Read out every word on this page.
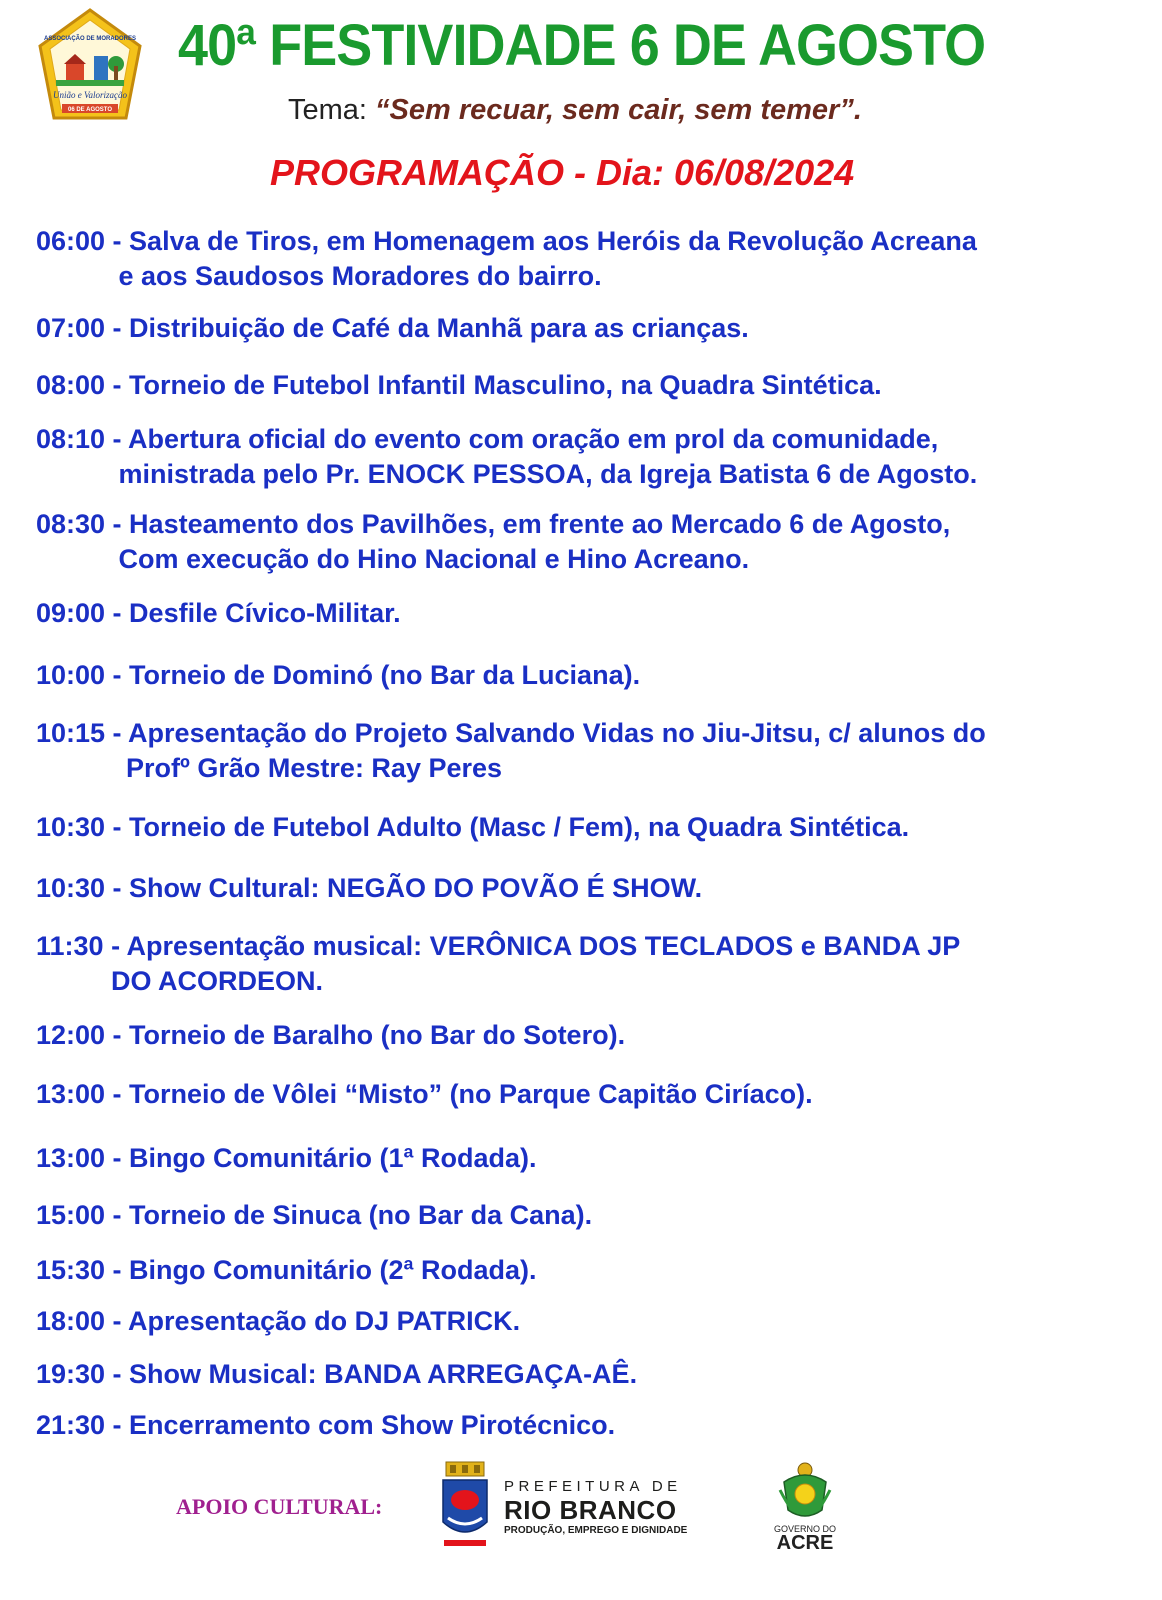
ASSOCIAÇÃO DE MORADORES
União e Valorização
06 DE AGOSTO
40ª FESTIVIDADE 6 DE AGOSTO
Tema: “Sem recuar, sem cair, sem temer”.
PROGRAMAÇÃO - Dia: 06/08/2024
06:00 - Salva de Tiros, em Homenagem aos Heróis da Revolução Acreana
e aos Saudosos Moradores do bairro.
07:00 - Distribuição de Café da Manhã para as crianças.
08:00 - Torneio de Futebol Infantil Masculino, na Quadra Sintética.
08:10 - Abertura oficial do evento com oração em prol da comunidade,
ministrada pelo Pr. ENOCK PESSOA, da Igreja Batista 6 de Agosto.
08:30 - Hasteamento dos Pavilhões, em frente ao Mercado 6 de Agosto,
Com execução do Hino Nacional e Hino Acreano.
09:00 - Desfile Cívico-Militar.
10:00 - Torneio de Dominó (no Bar da Luciana).
10:15 - Apresentação do Projeto Salvando Vidas no Jiu-Jitsu, c/ alunos do
Profº Grão Mestre: Ray Peres
10:30 - Torneio de Futebol Adulto (Masc / Fem), na Quadra Sintética.
10:30 - Show Cultural: NEGÃO DO POVÃO É SHOW.
11:30 - Apresentação musical: VERÔNICA DOS TECLADOS e BANDA JP
DO ACORDEON.
12:00 - Torneio de Baralho (no Bar do Sotero).
13:00 - Torneio de Vôlei “Misto” (no Parque Capitão Ciríaco).
13:00 - Bingo Comunitário (1ª Rodada).
15:00 - Torneio de Sinuca (no Bar da Cana).
15:30 - Bingo Comunitário (2ª Rodada).
18:00 - Apresentação do DJ PATRICK.
19:30 - Show Musical: BANDA ARREGAÇA-AÊ.
21:30 - Encerramento com Show Pirotécnico.
APOIO CULTURAL:
PREFEITURA DE
RIO BRANCO
PRODUÇÃO, EMPREGO E DIGNIDADE	GOVERNO DO
ACRE
